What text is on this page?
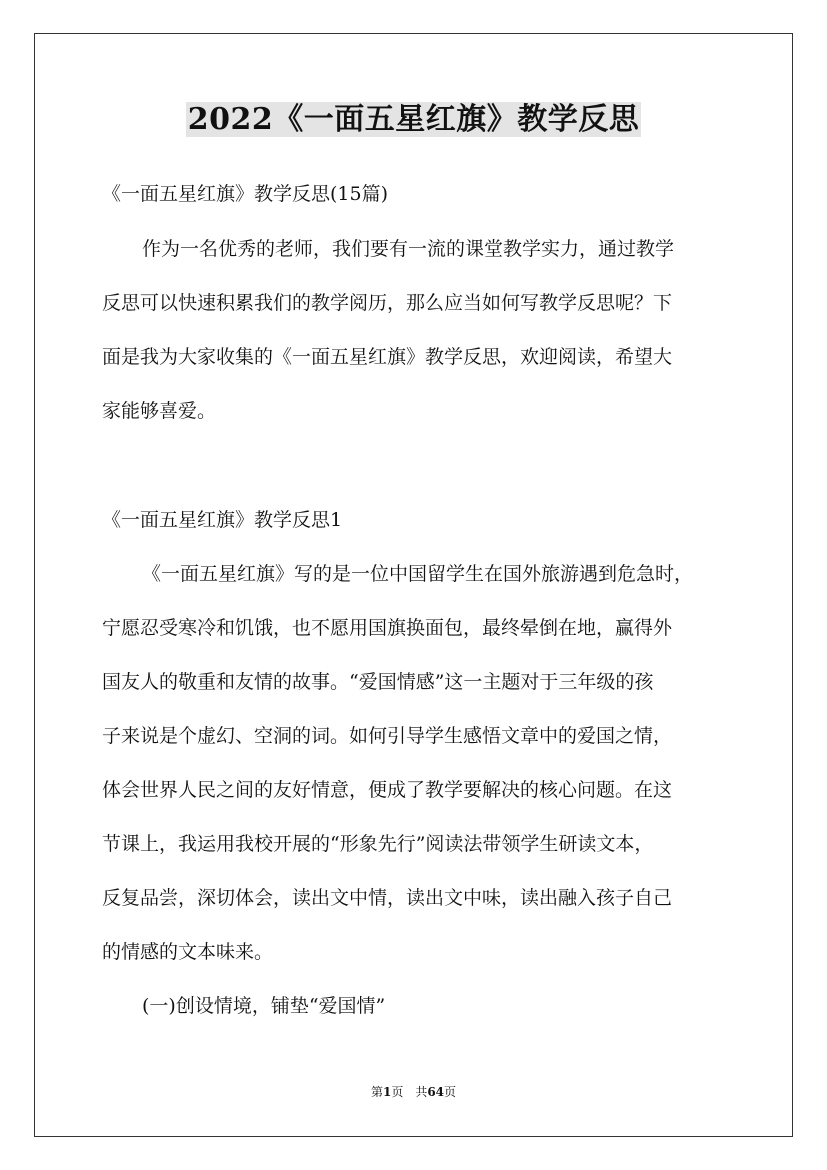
2022《一面五星红旗》教学反思
《一面五星红旗》教学反思(15篇)
作为一名优秀的老师，我们要有一流的课堂教学实力，通过教学
反思可以快速积累我们的教学阅历，那么应当如何写教学反思呢？下
面是我为大家收集的《一面五星红旗》教学反思，欢迎阅读，希望大
家能够喜爱。
《一面五星红旗》教学反思1
《一面五星红旗》写的是一位中国留学生在国外旅游遇到危急时，
宁愿忍受寒冷和饥饿，也不愿用国旗换面包，最终晕倒在地，赢得外
国友人的敬重和友情的故事。“爱国情感”这一主题对于三年级的孩
子来说是个虚幻、空洞的词。如何引导学生感悟文章中的爱国之情，
体会世界人民之间的友好情意，便成了教学要解决的核心问题。在这
节课上，我运用我校开展的“形象先行”阅读法带领学生研读文本，
反复品尝，深切体会，读出文中情，读出文中味，读出融入孩子自己
的情感的文本味来。
(一)创设情境，铺垫“爱国情”
第1页　共64页
